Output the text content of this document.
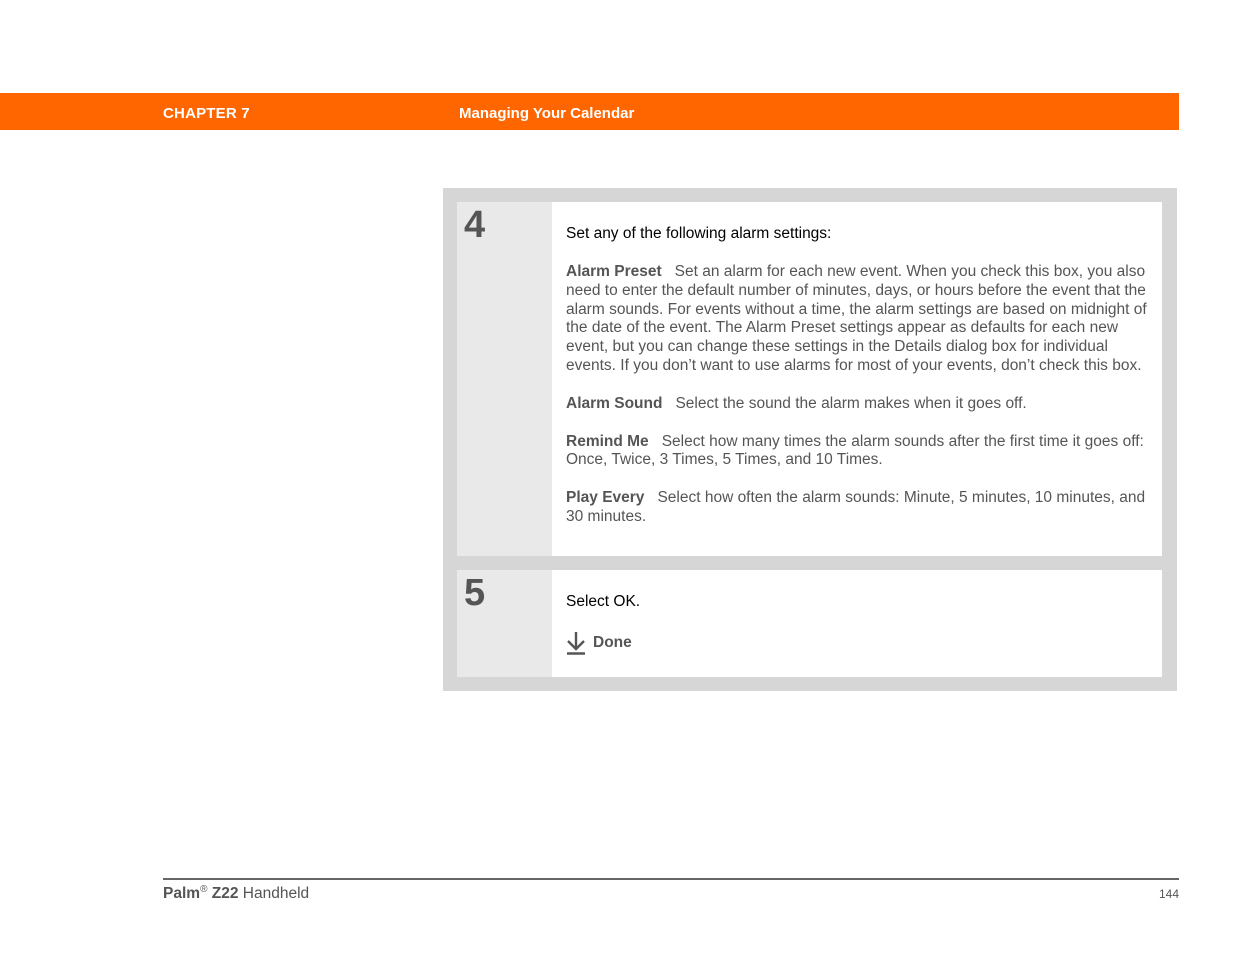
CHAPTER 7	Managing Your Calendar
4	Set any of the following alarm settings:

Alarm Preset Set an alarm for each new event. When you check this box, you also need to enter the default number of minutes, days, or hours before the event that the alarm sounds. For events without a time, the alarm settings are based on midnight of the date of the event. The Alarm Preset settings appear as defaults for each new event, but you can change these settings in the Details dialog box for individual events. If you don’t want to use alarms for most of your events, don’t check this box.

Alarm Sound Select the sound the alarm makes when it goes off.

Remind Me Select how many times the alarm sounds after the first time it goes off: Once, Twice, 3 Times, 5 Times, and 10 Times.

Play Every Select how often the alarm sounds: Minute, 5 minutes, 10 minutes, and 30 minutes.

5	Select OK.

Done
Palm® Z22 Handheld	144
